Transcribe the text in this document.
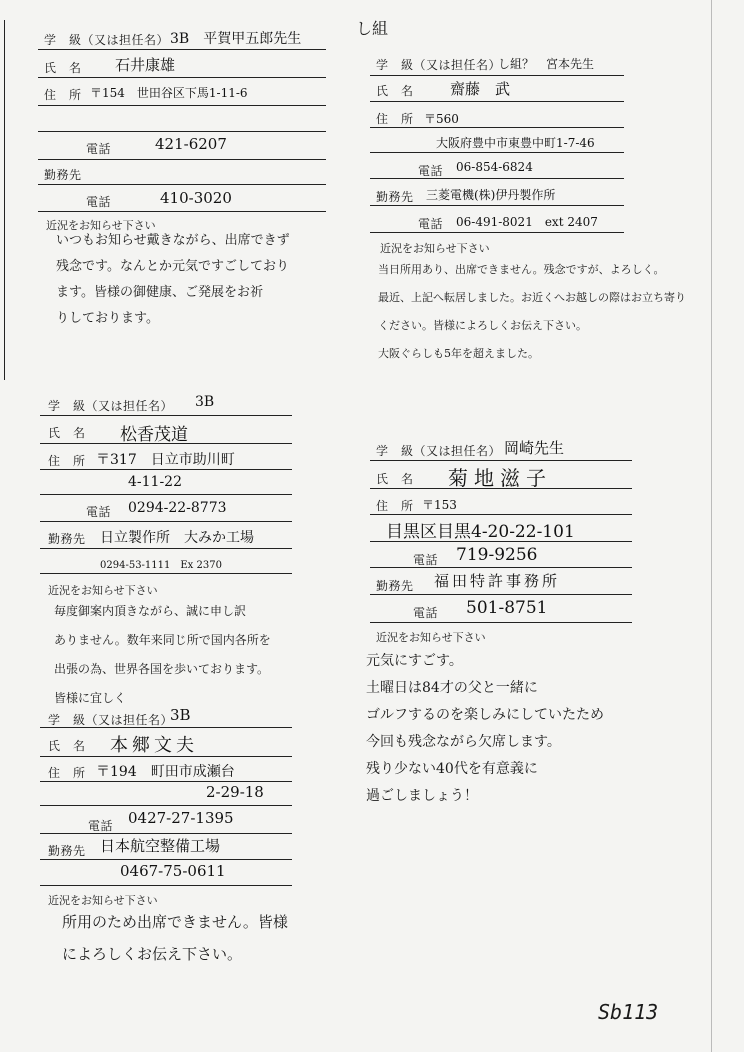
し組
学　級（又は担任名） 3B　平賀甲五郎先生
氏　名 石井康雄
住　所 〒154　世田谷区下馬1-11-6
電話	421-6207
勤務先
電話	410-3020
近況をお知らせ下さい
いつもお知らせ戴きながら、出席できず
残念です。なんとか元気ですごしており
ます。皆様の御健康、ご発展をお祈
りしております。
学　級（又は担任名）
し組？　宮本先生
氏　名 齋藤　武
住　所 〒560
大阪府豊中市東豊中町1-7-46
電話 06-854-6824
勤務先 三菱電機(株)伊丹製作所
電話 06-491-8021　ext 2407
近況をお知らせ下さい
当日所用あり、出席できません。残念ですが、よろしく。
最近、上記へ転居しました。お近くへお越しの際はお立ち寄り
ください。皆様によろしくお伝え下さい。
大阪ぐらしも5年を超えました。
学　級（又は担任名） 3B
氏　名 松香茂道
住　所 〒317　日立市助川町
4-11-22
電話 0294-22-8773
勤務先 日立製作所　大みか工場
0294-53-1111　Ex 2370
近況をお知らせ下さい
毎度御案内頂きながら、誠に申し訳
ありません。数年来同じ所で国内各所を
出張の為、世界各国を歩いております。
皆様に宜しく
学　級（又は担任名） 岡崎先生
氏　名 菊地滋子
住　所 〒153
目黒区目黒4-20-22-101
電話 719-9256
勤務先 福田特許事務所
電話 501-8751
近況をお知らせ下さい
元気にすごす。
土曜日は84才の父と一緒に
ゴルフするのを楽しみにしていたため
今回も残念ながら欠席します。
残り少ない40代を有意義に
過ごしましょう！
学　級（又は担任名）
3B
氏　名 本郷文夫
住　所 〒194　町田市成瀬台
2-29-18
電話 0427-27-1395
勤務先 日本航空整備工場
0467-75-0611
近況をお知らせ下さい
所用のため出席できません。皆様
によろしくお伝え下さい。
Sb113
